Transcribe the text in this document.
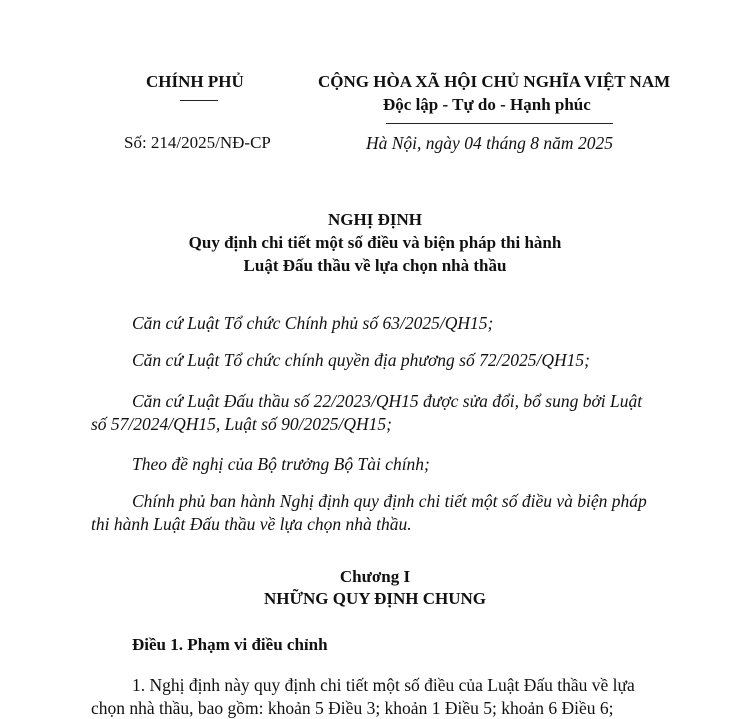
CHÍNH PHỦ	CỘNG HÒA XÃ HỘI CHỦ NGHĨA VIỆT NAM
Độc lập - Tự do - Hạnh phúc
Số: 214/2025/NĐ-CP	Hà Nội, ngày 04 tháng 8 năm 2025
NGHỊ ĐỊNH
Quy định chi tiết một số điều và biện pháp thi hành
Luật Đấu thầu về lựa chọn nhà thầu
Căn cứ Luật Tổ chức Chính phủ số 63/2025/QH15;
Căn cứ Luật Tổ chức chính quyền địa phương số 72/2025/QH15;
Căn cứ Luật Đấu thầu số 22/2023/QH15 được sửa đổi, bổ sung bởi Luật
số 57/2024/QH15, Luật số 90/2025/QH15;
Theo đề nghị của Bộ trưởng Bộ Tài chính;
Chính phủ ban hành Nghị định quy định chi tiết một số điều và biện pháp
thi hành Luật Đấu thầu về lựa chọn nhà thầu.
Chương I
NHỮNG QUY ĐỊNH CHUNG
Điều 1. Phạm vi điều chỉnh
1. Nghị định này quy định chi tiết một số điều của Luật Đấu thầu về lựa
chọn nhà thầu, bao gồm: khoản 5 Điều 3; khoản 1 Điều 5; khoản 6 Điều 6;
